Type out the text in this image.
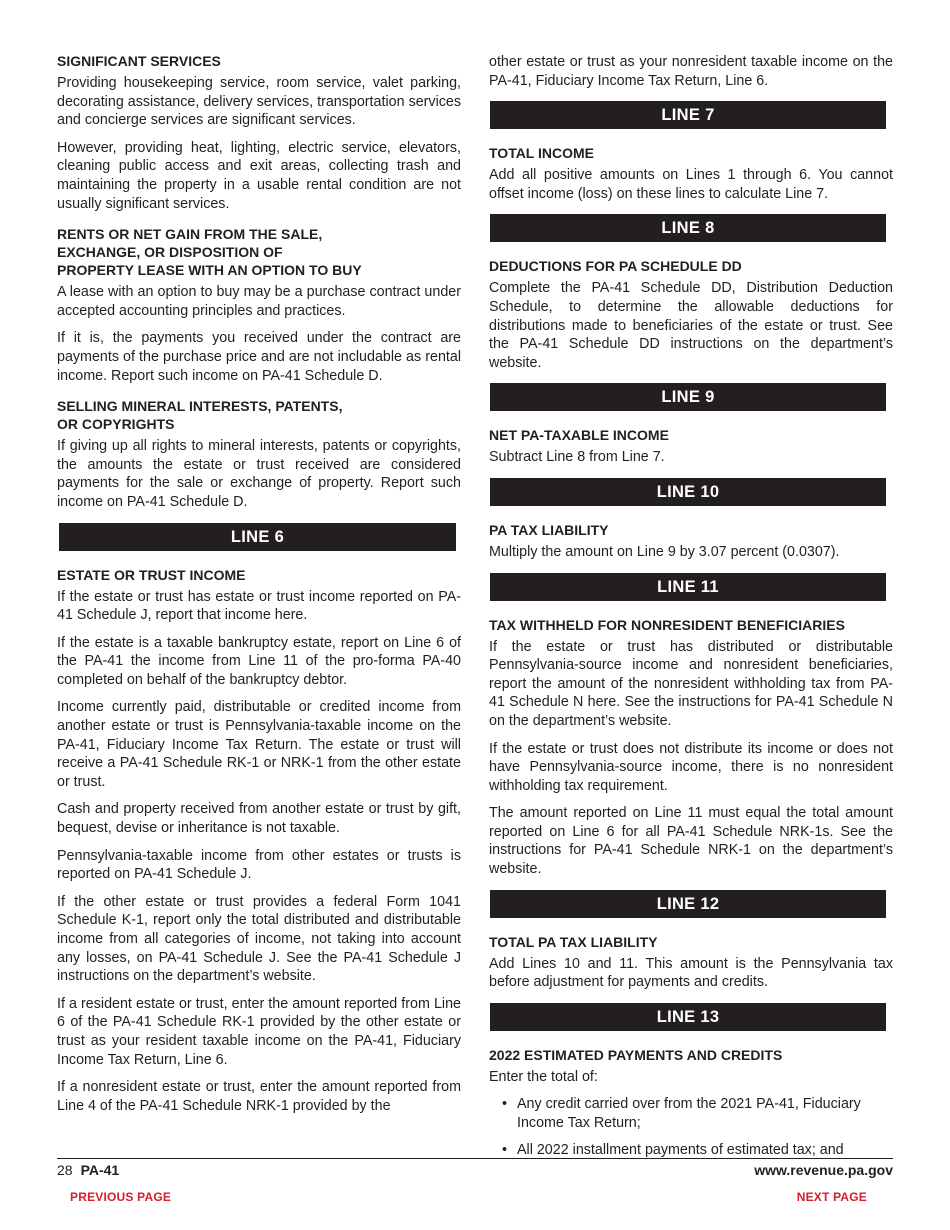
SIGNIFICANT SERVICES

Providing housekeeping service, room service, valet parking, decorating assistance, delivery services, transportation services and concierge services are significant services.

However, providing heat, lighting, electric service, elevators, cleaning public access and exit areas, collecting trash and maintaining the property in a usable rental condition are not usually significant services.

RENTS OR NET GAIN FROM THE SALE,
EXCHANGE, OR DISPOSITION OF
PROPERTY LEASE WITH AN OPTION TO BUY

A lease with an option to buy may be a purchase contract under accepted accounting principles and practices.

If it is, the payments you received under the contract are payments of the purchase price and are not includable as rental income. Report such income on PA-41 Schedule D.

SELLING MINERAL INTERESTS, PATENTS,
OR COPYRIGHTS

If giving up all rights to mineral interests, patents or copyrights, the amounts the estate or trust received are considered payments for the sale or exchange of property. Report such income on PA-41 Schedule D.

LINE 6
ESTATE OR TRUST INCOME

If the estate or trust has estate or trust income reported on PA-41 Schedule J, report that income here.

If the estate is a taxable bankruptcy estate, report on Line 6 of the PA-41 the income from Line 11 of the pro-forma PA-40 completed on behalf of the bankruptcy debtor.

Income currently paid, distributable or credited income from another estate or trust is Pennsylvania-taxable income on the PA-41, Fiduciary Income Tax Return. The estate or trust will receive a PA-41 Schedule RK-1 or NRK-1 from the other estate or trust.

Cash and property received from another estate or trust by gift, bequest, devise or inheritance is not taxable.

Pennsylvania-taxable income from other estates or trusts is reported on PA-41 Schedule J.

If the other estate or trust provides a federal Form 1041 Schedule K-1, report only the total distributed and distributable income from all categories of income, not taking into account any losses, on PA-41 Schedule J. See the PA-41 Schedule J instructions on the department’s website.

If a resident estate or trust, enter the amount reported from Line 6 of the PA-41 Schedule RK-1 provided by the other estate or trust as your resident taxable income on the PA-41, Fiduciary Income Tax Return, Line 6.

If a nonresident estate or trust, enter the amount reported from Line 4 of the PA-41 Schedule NRK-1 provided by the

other estate or trust as your nonresident taxable income on the PA-41, Fiduciary Income Tax Return, Line 6.

LINE 7
TOTAL INCOME

Add all positive amounts on Lines 1 through 6. You cannot offset income (loss) on these lines to calculate Line 7.

LINE 8
DEDUCTIONS FOR PA SCHEDULE DD

Complete the PA-41 Schedule DD, Distribution Deduction Schedule, to determine the allowable deductions for distributions made to beneficiaries of the estate or trust. See the PA-41 Schedule DD instructions on the department’s website.

LINE 9
NET PA-TAXABLE INCOME

Subtract Line 8 from Line 7.

LINE 10
PA TAX LIABILITY

Multiply the amount on Line 9 by 3.07 percent (0.0307).

LINE 11
TAX WITHHELD FOR NONRESIDENT BENEFICIARIES

If the estate or trust has distributed or distributable Pennsylvania-source income and nonresident beneficiaries, report the amount of the nonresident withholding tax from PA-41 Schedule N here. See the instructions for PA-41 Schedule N on the department’s website.

If the estate or trust does not distribute its income or does not have Pennsylvania-source income, there is no nonresident withholding tax requirement.

The amount reported on Line 11 must equal the total amount reported on Line 6 for all PA-41 Schedule NRK-1s. See the instructions for PA-41 Schedule NRK-1 on the department’s website.

LINE 12
TOTAL PA TAX LIABILITY

Add Lines 10 and 11. This amount is the Pennsylvania tax before adjustment for payments and credits.

LINE 13
2022 ESTIMATED PAYMENTS AND CREDITS

Enter the total of:

• Any credit carried over from the 2021 PA-41, Fiduciary Income Tax Return;
• All 2022 installment payments of estimated tax; and
28 PA-41	www.revenue.pa.gov
PREVIOUS PAGE	NEXT PAGE
